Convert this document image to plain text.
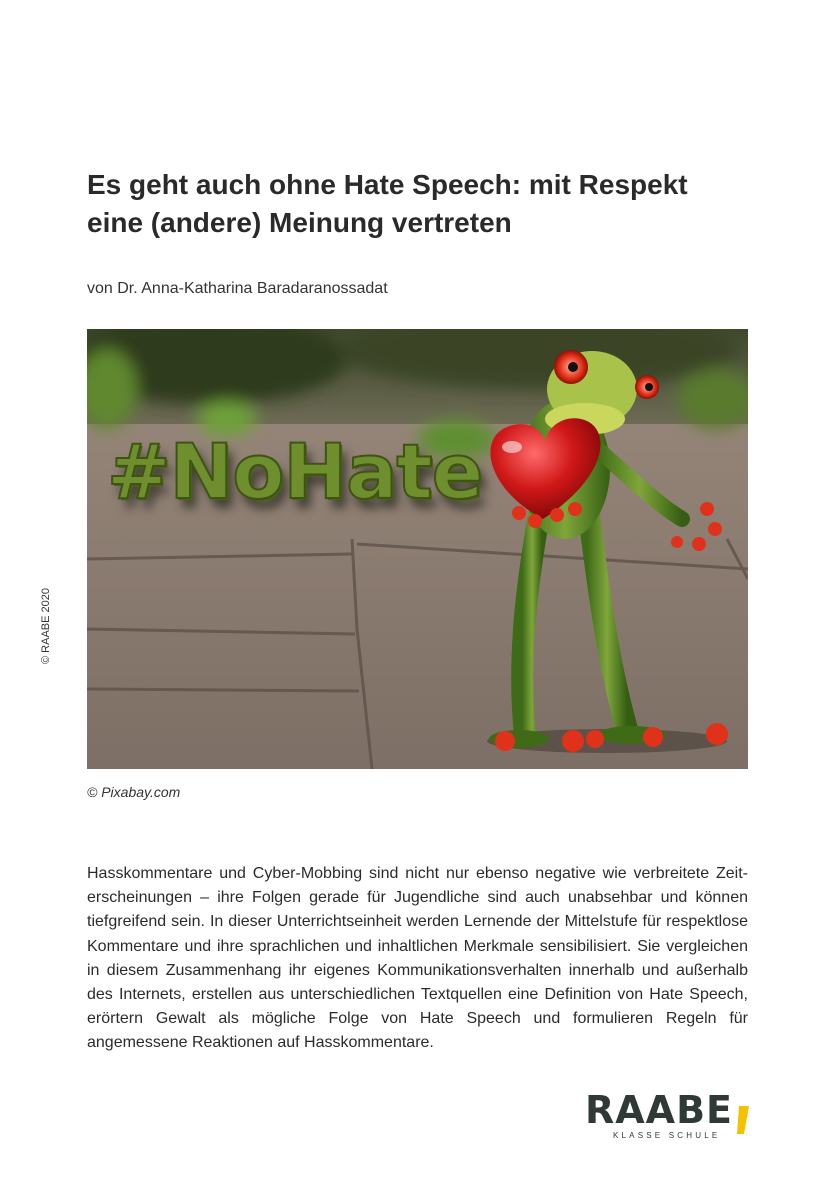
Es geht auch ohne Hate Speech: mit Respekt
eine (andere) Meinung vertreten
von Dr. Anna-Katharina Baradaranossadat
© RAABE 2020
#NoHate
© Pixabay.com

Hasskommentare und Cyber-Mobbing sind nicht nur ebenso negative wie verbreitete Zeiterscheinungen – ihre Folgen gerade für Jugendliche sind auch unabsehbar und können tiefgreifend sein. In dieser Unterrichtseinheit werden Lernende der Mittelstufe für respektlose Kommentare und ihre sprachlichen und inhaltlichen Merkmale sensibilisiert. Sie vergleichen in diesem Zusammenhang ihr eigenes Kommunikationsverhalten innerhalb und außerhalb des Internets, erstellen aus unterschiedlichen Textquellen eine Definition von Hate Speech, erörtern Gewalt als mögliche Folge von Hate Speech und formulieren Regeln für angemessene Reaktionen auf Hasskommentare.

RAABE
KLASSE SCHULE
